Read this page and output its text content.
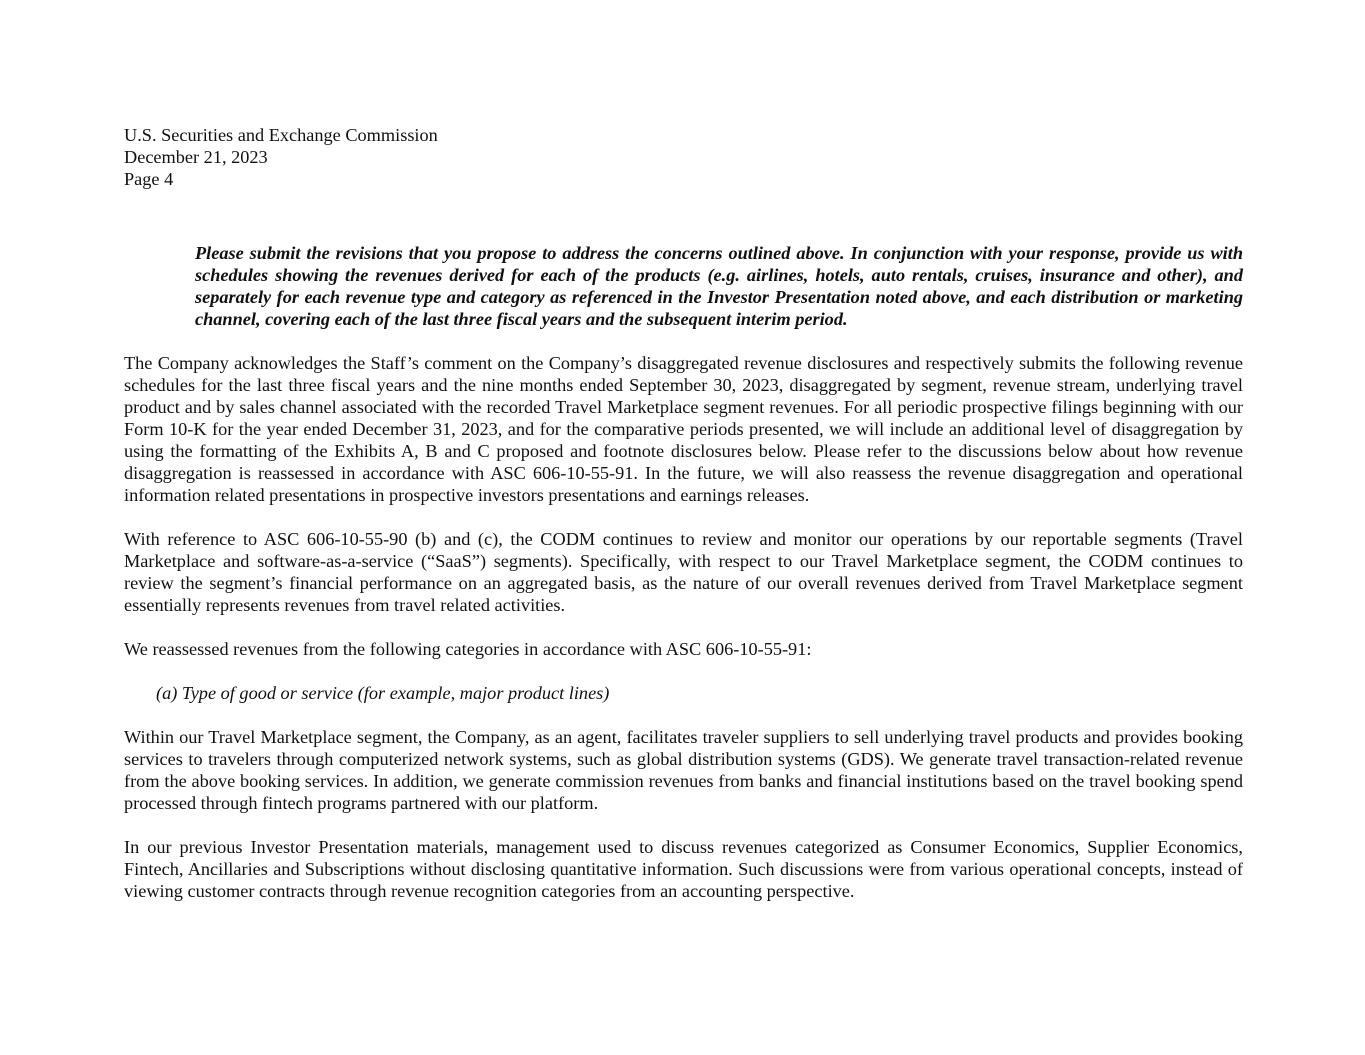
U.S. Securities and Exchange Commission
December 21, 2023
Page 4
Please submit the revisions that you propose to address the concerns outlined above. In conjunction with your response, provide us with schedules showing the revenues derived for each of the products (e.g. airlines, hotels, auto rentals, cruises, insurance and other), and separately for each revenue type and category as referenced in the Investor Presentation noted above, and each distribution or marketing channel, covering each of the last three fiscal years and the subsequent interim period.

The Company acknowledges the Staff’s comment on the Company’s disaggregated revenue disclosures and respectively submits the following revenue schedules for the last three fiscal years and the nine months ended September 30, 2023, disaggregated by segment, revenue stream, underlying travel product and by sales channel associated with the recorded Travel Marketplace segment revenues. For all periodic prospective filings beginning with our Form 10-K for the year ended December 31, 2023, and for the comparative periods presented, we will include an additional level of disaggregation by using the formatting of the Exhibits A, B and C proposed and footnote disclosures below. Please refer to the discussions below about how revenue disaggregation is reassessed in accordance with ASC 606-10-55-91. In the future, we will also reassess the revenue disaggregation and operational information related presentations in prospective investors presentations and earnings releases.

With reference to ASC 606-10-55-90 (b) and (c), the CODM continues to review and monitor our operations by our reportable segments (Travel Marketplace and software-as-a-service (“SaaS”) segments). Specifically, with respect to our Travel Marketplace segment, the CODM continues to review the segment’s financial performance on an aggregated basis, as the nature of our overall revenues derived from Travel Marketplace segment essentially represents revenues from travel related activities.

We reassessed revenues from the following categories in accordance with ASC 606-10-55-91:

(a) Type of good or service (for example, major product lines)

Within our Travel Marketplace segment, the Company, as an agent, facilitates traveler suppliers to sell underlying travel products and provides booking services to travelers through computerized network systems, such as global distribution systems (GDS). We generate travel transaction-related revenue from the above booking services. In addition, we generate commission revenues from banks and financial institutions based on the travel booking spend processed through fintech programs partnered with our platform.

In our previous Investor Presentation materials, management used to discuss revenues categorized as Consumer Economics, Supplier Economics, Fintech, Ancillaries and Subscriptions without disclosing quantitative information. Such discussions were from various operational concepts, instead of viewing customer contracts through revenue recognition categories from an accounting perspective.
